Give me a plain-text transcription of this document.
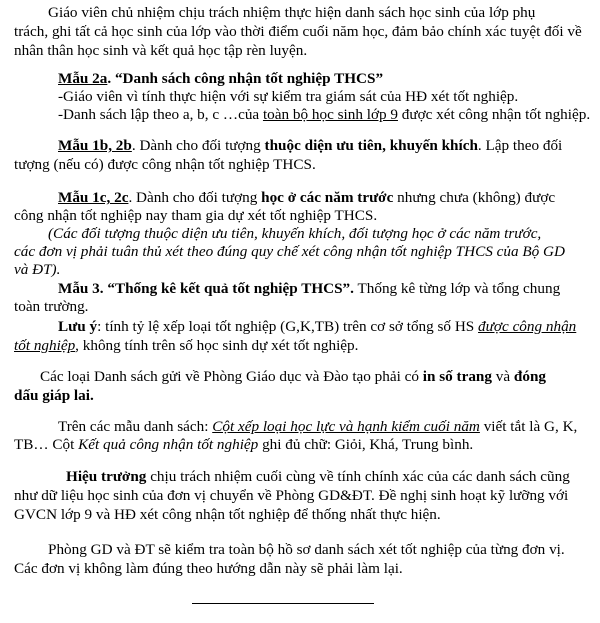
Giáo viên chủ nhiệm chịu trách nhiệm thực hiện danh sách học sinh của lớp phụ
trách, ghi tất cả học sinh của lớp vào thời điểm cuối năm học, đảm bảo chính xác tuyệt đối về
nhân thân học sinh và kết quả học tập rèn luyện.
Mẫu 2a. “Danh sách công nhận tốt nghiệp THCS”
-Giáo viên vì tính thực hiện với sự kiểm tra giám sát của HĐ xét tốt nghiệp.
-Danh sách lập theo a, b, c …của toàn bộ học sinh lớp 9 được xét công nhận tốt nghiệp.
Mẫu 1b, 2b. Dành cho đối tượng thuộc diện ưu tiên, khuyến khích. Lập theo đối
tượng (nếu có) được công nhận tốt nghiệp THCS.
Mẫu 1c, 2c. Dành cho đối tượng học ở các năm trước nhưng chưa (không) được
công nhận tốt nghiệp nay tham gia dự xét tốt nghiệp THCS.
(Các đối tượng thuộc diện ưu tiên, khuyến khích, đối tượng học ở các năm trước,
các đơn vị phải tuân thủ xét theo đúng quy chế xét công nhận tốt nghiệp THCS của Bộ GD
và ĐT).
Mẫu 3. “Thống kê kết quả tốt nghiệp THCS”. Thống kê từng lớp và tổng chung
toàn trường.
Lưu ý: tính tỷ lệ xếp loại tốt nghiệp (G,K,TB) trên cơ sở tổng số HS được công nhận
tốt nghiệp, không tính trên số học sinh dự xét tốt nghiệp.
Các loại Danh sách gửi về Phòng Giáo dục và Đào tạo phải có in số trang và đóng
dấu giáp lai.
Trên các mẫu danh sách: Cột xếp loại học lực và hạnh kiểm cuối năm viết tắt là G, K,
TB… Cột Kết quả công nhận tốt nghiệp ghi đủ chữ: Giỏi, Khá, Trung bình.
Hiệu trưởng chịu trách nhiệm cuối cùng về tính chính xác của các danh sách cũng
như dữ liệu học sinh của đơn vị chuyển về Phòng GD&ĐT. Đề nghị sinh hoạt kỹ lưỡng với
GVCN lớp 9 và HĐ xét công nhận tốt nghiệp để thống nhất thực hiện.
Phòng GD và ĐT sẽ kiểm tra toàn bộ hồ sơ danh sách xét tốt nghiệp của từng đơn vị.
Các đơn vị không làm đúng theo hướng dẫn này sẽ phải làm lại.
